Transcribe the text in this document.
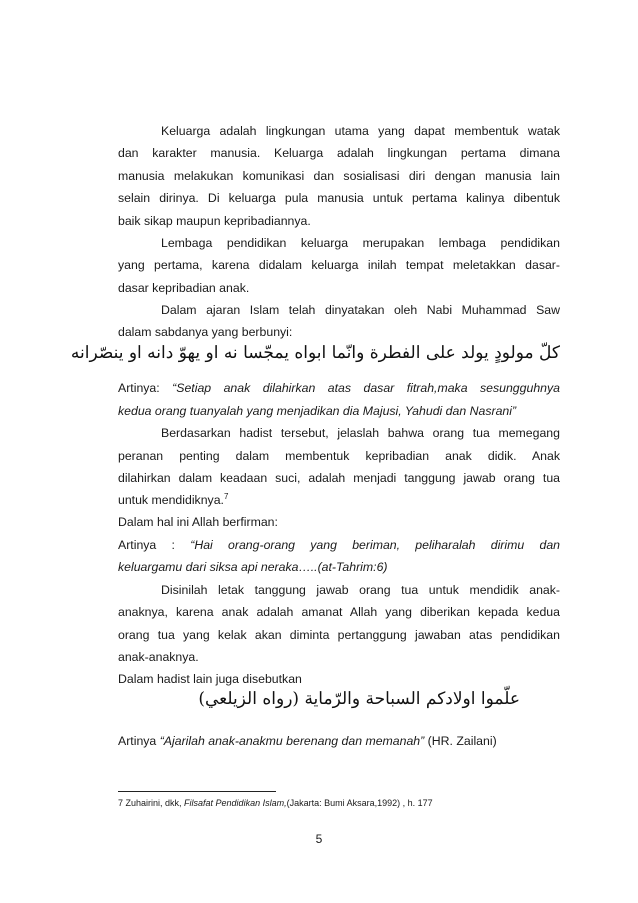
Keluarga adalah lingkungan utama yang dapat membentuk watak
dan karakter manusia. Keluarga adalah lingkungan pertama dimana
manusia melakukan komunikasi dan sosialisasi diri dengan manusia lain
selain dirinya. Di keluarga pula manusia untuk pertama kalinya dibentuk
baik sikap maupun kepribadiannya.
Lembaga pendidikan keluarga merupakan lembaga pendidikan
yang pertama, karena didalam keluarga inilah tempat meletakkan dasar-
dasar kepribadian anak.
Dalam ajaran Islam telah dinyatakan oleh Nabi Muhammad Saw
dalam sabdanya yang berbunyi:
كلّ مولودٍ يولد على الفطرة وانّما ابواه يمجّسا نه او يهوّ دانه او ينصّرانه
Artinya: “Setiap anak dilahirkan atas dasar fitrah,maka sesungguhnya
kedua orang tuanyalah yang menjadikan dia Majusi, Yahudi dan Nasrani”
Berdasarkan hadist tersebut, jelaslah bahwa orang tua memegang
peranan penting dalam membentuk kepribadian anak didik. Anak
dilahirkan dalam keadaan suci, adalah menjadi tanggung jawab orang tua
untuk mendidiknya.$^7$
Dalam hal ini Allah berfirman:
Artinya : “Hai orang-orang yang beriman, peliharalah dirimu dan
keluargamu dari siksa api neraka…..(at-Tahrim:6)
Disinilah letak tanggung jawab orang tua untuk mendidik anak-
anaknya, karena anak adalah amanat Allah yang diberikan kepada kedua
orang tua yang kelak akan diminta pertanggung jawaban atas pendidikan
anak-anaknya.
Dalam hadist lain juga disebutkan
علّموا اولادكم السباحة والرّماية (رواه الزيلعي)
Artinya “Ajarilah anak-anakmu berenang dan memanah” (HR. Zailani)
7 Zuhairini, dkk, Filsafat Pendidikan Islam,(Jakarta: Bumi Aksara,1992) , h. 177
5
